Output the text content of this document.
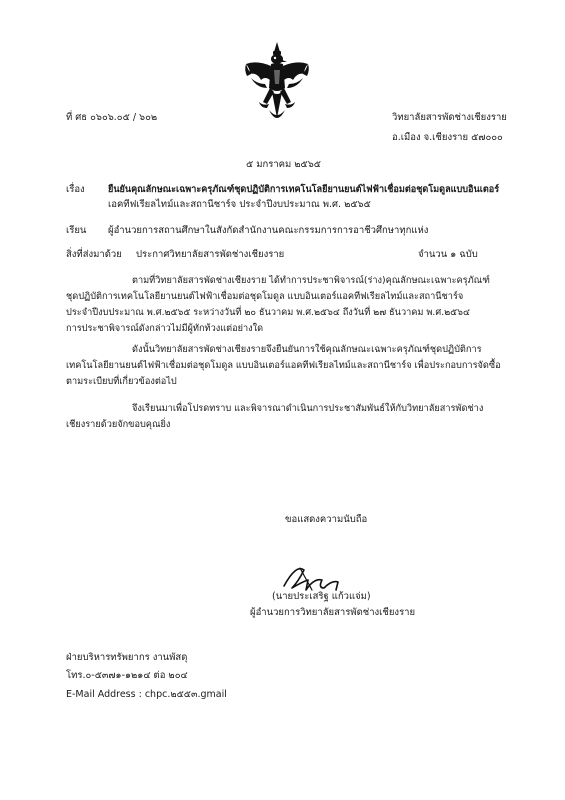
ที่ ศธ ๐๖๐๖.๐๕ / ๖๐๒	วิทยาลัยสารพัดช่างเชียงราย
อ.เมือง จ.เชียงราย ๕๗๐๐๐
๕ มกราคม ๒๕๖๕
เรื่อง	ยืนยันคุณลักษณะเฉพาะครุภัณฑ์ชุดปฏิบัติการเทคโนโลยียานยนต์ไฟฟ้าเชื่อมต่อชุดโมดูลแบบอินเตอร์
เอคทีฟเรียลไทม์และสถานีชาร์จ ประจำปีงบประมาณ พ.ศ. ๒๕๖๕
เรียน ผู้อำนวยการสถานศึกษาในสังกัดสำนักงานคณะกรรมการการอาชีวศึกษาทุกแห่ง
สิ่งที่ส่งมาด้วย ประกาศวิทยาลัยสารพัดช่างเชียงราย	จำนวน ๑ ฉบับ
ตามที่วิทยาลัยสารพัดช่างเชียงราย ได้ทำการประชาพิจารณ์(ร่าง)คุณลักษณะเฉพาะครุภัณฑ์
ชุดปฏิบัติการเทคโนโลยียานยนต์ไฟฟ้าเชื่อมต่อชุดโมดูล แบบอินเตอร์แอคทีฟเรียลไทม์และสถานีชาร์จ
ประจำปีงบประมาณ พ.ศ.๒๕๖๕ ระหว่างวันที่ ๒๐ ธันวาคม พ.ศ.๒๕๖๔ ถึงวันที่ ๒๗ ธันวาคม พ.ศ.๒๕๖๔
การประชาพิจารณ์ดังกล่าวไม่มีผู้ทักท้วงแต่อย่างใด
ดังนั้นวิทยาลัยสารพัดช่างเชียงรายจึงยืนยันการใช้คุณลักษณะเฉพาะครุภัณฑ์ชุดปฏิบัติการ
เทคโนโลยียานยนต์ไฟฟ้าเชื่อมต่อชุดโมดูล แบบอินเตอร์แอคทีฟเรียลไทม์และสถานีชาร์จ เพื่อประกอบการจัดซื้อ
ตามระเบียบที่เกี่ยวข้องต่อไป
จึงเรียนมาเพื่อโปรดทราบ และพิจารณาดำเนินการประชาสัมพันธ์ให้กับวิทยาลัยสารพัดช่าง
เชียงรายด้วยจักขอบคุณยิ่ง
ขอแสดงความนับถือ
(นายประเสริฐ แก้วแจ่ม)
ผู้อำนวยการวิทยาลัยสารพัดช่างเชียงราย
ฝ่ายบริหารทรัพยากร งานพัสดุ
โทร.๐-๕๓๗๑-๑๒๑๔ ต่อ ๒๐๔
E-Mail Address : chpc.๒๕๕๓.gmail
